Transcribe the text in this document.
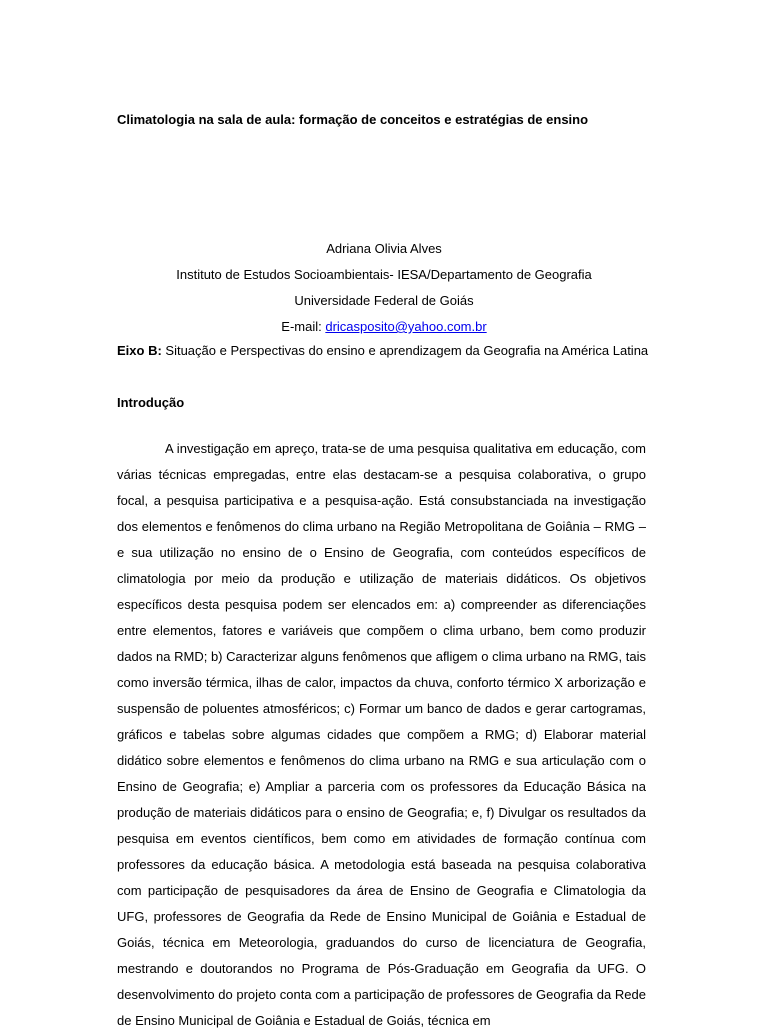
Climatologia na sala de aula: formação de conceitos e estratégias de ensino
Adriana Olivia Alves
Instituto de Estudos Socioambientais- IESA/Departamento de Geografia
Universidade Federal de Goiás
E-mail: dricasposito@yahoo.com.br
Eixo B: Situação e Perspectivas do ensino e aprendizagem da Geografia na América Latina
Introdução

A investigação em apreço, trata-se de uma pesquisa qualitativa em educação, com várias técnicas empregadas, entre elas destacam-se a pesquisa colaborativa, o grupo focal, a pesquisa participativa e a pesquisa-ação. Está consubstanciada na investigação dos elementos e fenômenos do clima urbano na Região Metropolitana de Goiânia – RMG – e sua utilização no ensino de o Ensino de Geografia, com conteúdos específicos de climatologia por meio da produção e utilização de materiais didáticos. Os objetivos específicos desta pesquisa podem ser elencados em: a) compreender as diferenciações entre elementos, fatores e variáveis que compõem o clima urbano, bem como produzir dados na RMD; b) Caracterizar alguns fenômenos que afligem o clima urbano na RMG, tais como inversão térmica, ilhas de calor, impactos da chuva, conforto térmico X arborização e suspensão de poluentes atmosféricos; c) Formar um banco de dados e gerar cartogramas, gráficos e tabelas sobre algumas cidades que compõem a RMG; d) Elaborar material didático sobre elementos e fenômenos do clima urbano na RMG e sua articulação com o Ensino de Geografia; e) Ampliar a parceria com os professores da Educação Básica na produção de materiais didáticos para o ensino de Geografia; e, f) Divulgar os resultados da pesquisa em eventos científicos, bem como em atividades de formação contínua com professores da educação básica. A metodologia está baseada na pesquisa colaborativa com participação de pesquisadores da área de Ensino de Geografia e Climatologia da UFG, professores de Geografia da Rede de Ensino Municipal de Goiânia e Estadual de Goiás, técnica em Meteorologia, graduandos do curso de licenciatura de Geografia, mestrando e doutorandos no Programa de Pós-Graduação em Geografia da UFG. O desenvolvimento do projeto conta com a participação de professores de Geografia da Rede de Ensino Municipal de Goiânia e Estadual de Goiás, técnica em
